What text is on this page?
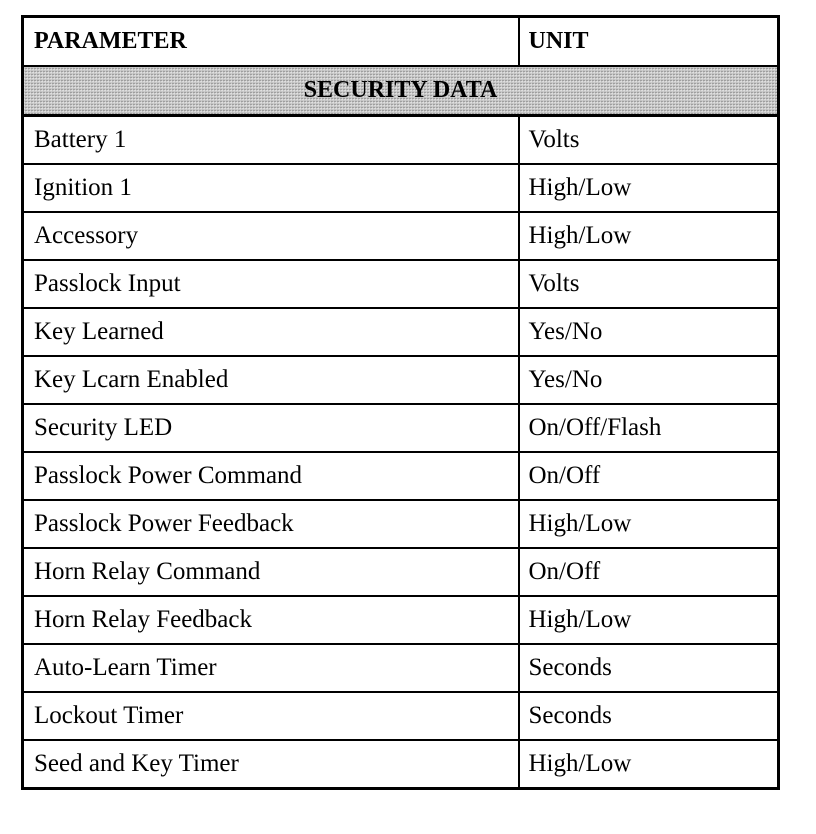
PARAMETER	UNIT
SECURITY DATA	
Battery 1	Volts
Ignition 1	High/Low
Accessory	High/Low
Passlock Input	Volts
Key Learned	Yes/No
Key Lcarn Enabled	Yes/No
Security LED	On/Off/Flash
Passlock Power Command	On/Off
Passlock Power Feedback	High/Low
Horn Relay Command	On/Off
Horn Relay Feedback	High/Low
Auto-Learn Timer	Seconds
Lockout Timer	Seconds
Seed and Key Timer	High/Low
